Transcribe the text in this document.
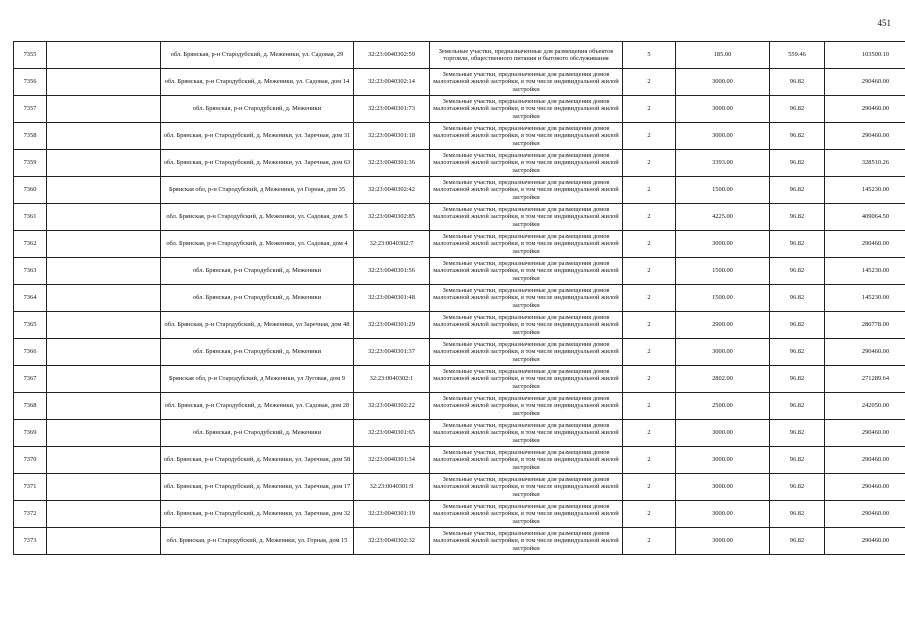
451
7355		обл. Брянская, р-н Стародубский, д. Меженики, ул. Садовая, 29	32:23:0040302:59	Земельные участки, предназначенные для размещения объектов торговли, общественного питания и бытового обслуживания	5	185.00	559.46	103500.10
7356		обл. Брянская, р-н Стародубский, д. Меженики, ул. Садовая, дом 14	32:23:0040302:14	Земельные участки, предназначенные для размещения домов малоэтажной жилой застройки, в том числе индивидуальной жилой застройки	2	3000.00	96.82	290460.00
7357		обл. Брянская, р-н Стародубский, д. Меженики	32:23:0040301:73	Земельные участки, предназначенные для размещения домов малоэтажной жилой застройки, в том числе индивидуальной жилой застройки	2	3000.00	96.82	290460.00
7358		обл. Брянская, р-н Стародубский, д. Меженики, ул. Заречная, дом 31	32:23:0040301:18	Земельные участки, предназначенные для размещения домов малоэтажной жилой застройки, в том числе индивидуальной жилой застройки	2	3000.00	96.82	290460.00
7359		обл. Брянская, р-н Стародубский, д. Меженики, ул. Заречная, дом 63	32:23:0040301:36	Земельные участки, предназначенные для размещения домов малоэтажной жилой застройки, в том числе индивидуальной жилой застройки	2	3393.00	96.82	328510.26
7360		Брянская обл, р-н Стародубский, д Меженики, ул Горная, дом 35	32:23:0040302:42	Земельные участки, предназначенные для размещения домов малоэтажной жилой застройки, в том числе индивидуальной жилой застройки	2	1500.00	96.82	145230.00
7361		обл. Брянская, р-н Стародубский, д. Меженики, ул. Садовая, дом 5	32:23:0040302:85	Земельные участки, предназначенные для размещения домов малоэтажной жилой застройки, в том числе индивидуальной жилой застройки	2	4225.00	96.82	409064.50
7362		обл. Брянская, р-н Стародубский, д. Меженики, ул. Садовая, дом 4	32:23:0040302:7	Земельные участки, предназначенные для размещения домов малоэтажной жилой застройки, в том числе индивидуальной жилой застройки	2	3000.00	96.82	290460.00
7363		обл. Брянская, р-н Стародубский, д. Меженики	32:23:0040301:56	Земельные участки, предназначенные для размещения домов малоэтажной жилой застройки, в том числе индивидуальной жилой застройки	2	1500.00	96.82	145230.00
7364		обл. Брянская, р-н Стародубский, д. Меженики	32:23:0040301:48	Земельные участки, предназначенные для размещения домов малоэтажной жилой застройки, в том числе индивидуальной жилой застройки	2	1500.00	96.82	145230.00
7365		обл. Брянская, р-н Стародубский, д. Меженики, ул Заречная, дом 48	32:23:0040301:29	Земельные участки, предназначенные для размещения домов малоэтажной жилой застройки, в том числе индивидуальной жилой застройки	2	2900.00	96.82	280778.00
7366		обл. Брянская, р-н Стародубский, д. Меженики	32:23:0040301:37	Земельные участки, предназначенные для размещения домов малоэтажной жилой застройки, в том числе индивидуальной жилой застройки	2	3000.00	96.82	290460.00
7367		Брянская обл, р-н Стародубский, д Меженики, ул Луговая, дом 9	32:23:0040302:1	Земельные участки, предназначенные для размещения домов малоэтажной жилой застройки, в том числе индивидуальной жилой застройки	2	2802.00	96.82	271289.64
7368		обл. Брянская, р-н Стародубский, д. Меженики, ул. Садовая, дом 28	32:23:0040302:22	Земельные участки, предназначенные для размещения домов малоэтажной жилой застройки, в том числе индивидуальной жилой застройки	2	2500.00	96.82	242050.00
7369		обл. Брянская, р-н Стародубский, д. Меженики	32:23:0040301:65	Земельные участки, предназначенные для размещения домов малоэтажной жилой застройки, в том числе индивидуальной жилой застройки	2	3000.00	96.82	290460.00
7370		обл. Брянская, р-н Стародубский, д. Меженики, ул. Заречная, дом 58	32:23:0040301:34	Земельные участки, предназначенные для размещения домов малоэтажной жилой застройки, в том числе индивидуальной жилой застройки	2	3000.00	96.82	290460.00
7371		обл. Брянская, р-н Стародубский, д. Меженики, ул. Заречная, дом 17	32:23:0040301:9	Земельные участки, предназначенные для размещения домов малоэтажной жилой застройки, в том числе индивидуальной жилой застройки	2	3000.00	96.82	290460.00
7372		обл. Брянская, р-н Стародубский, д. Меженики, ул. Заречная, дом 32	32:23:0040301:19	Земельные участки, предназначенные для размещения домов малоэтажной жилой застройки, в том числе индивидуальной жилой застройки	2	3000.00	96.82	290460.00
7373		обл. Брянская, р-н Стародубский, д. Меженики, ул. Горная, дом 15	32:23:0040302:32	Земельные участки, предназначенные для размещения домов малоэтажной жилой застройки, в том числе индивидуальной жилой застройки	2	3000.00	96.82	290460.00
